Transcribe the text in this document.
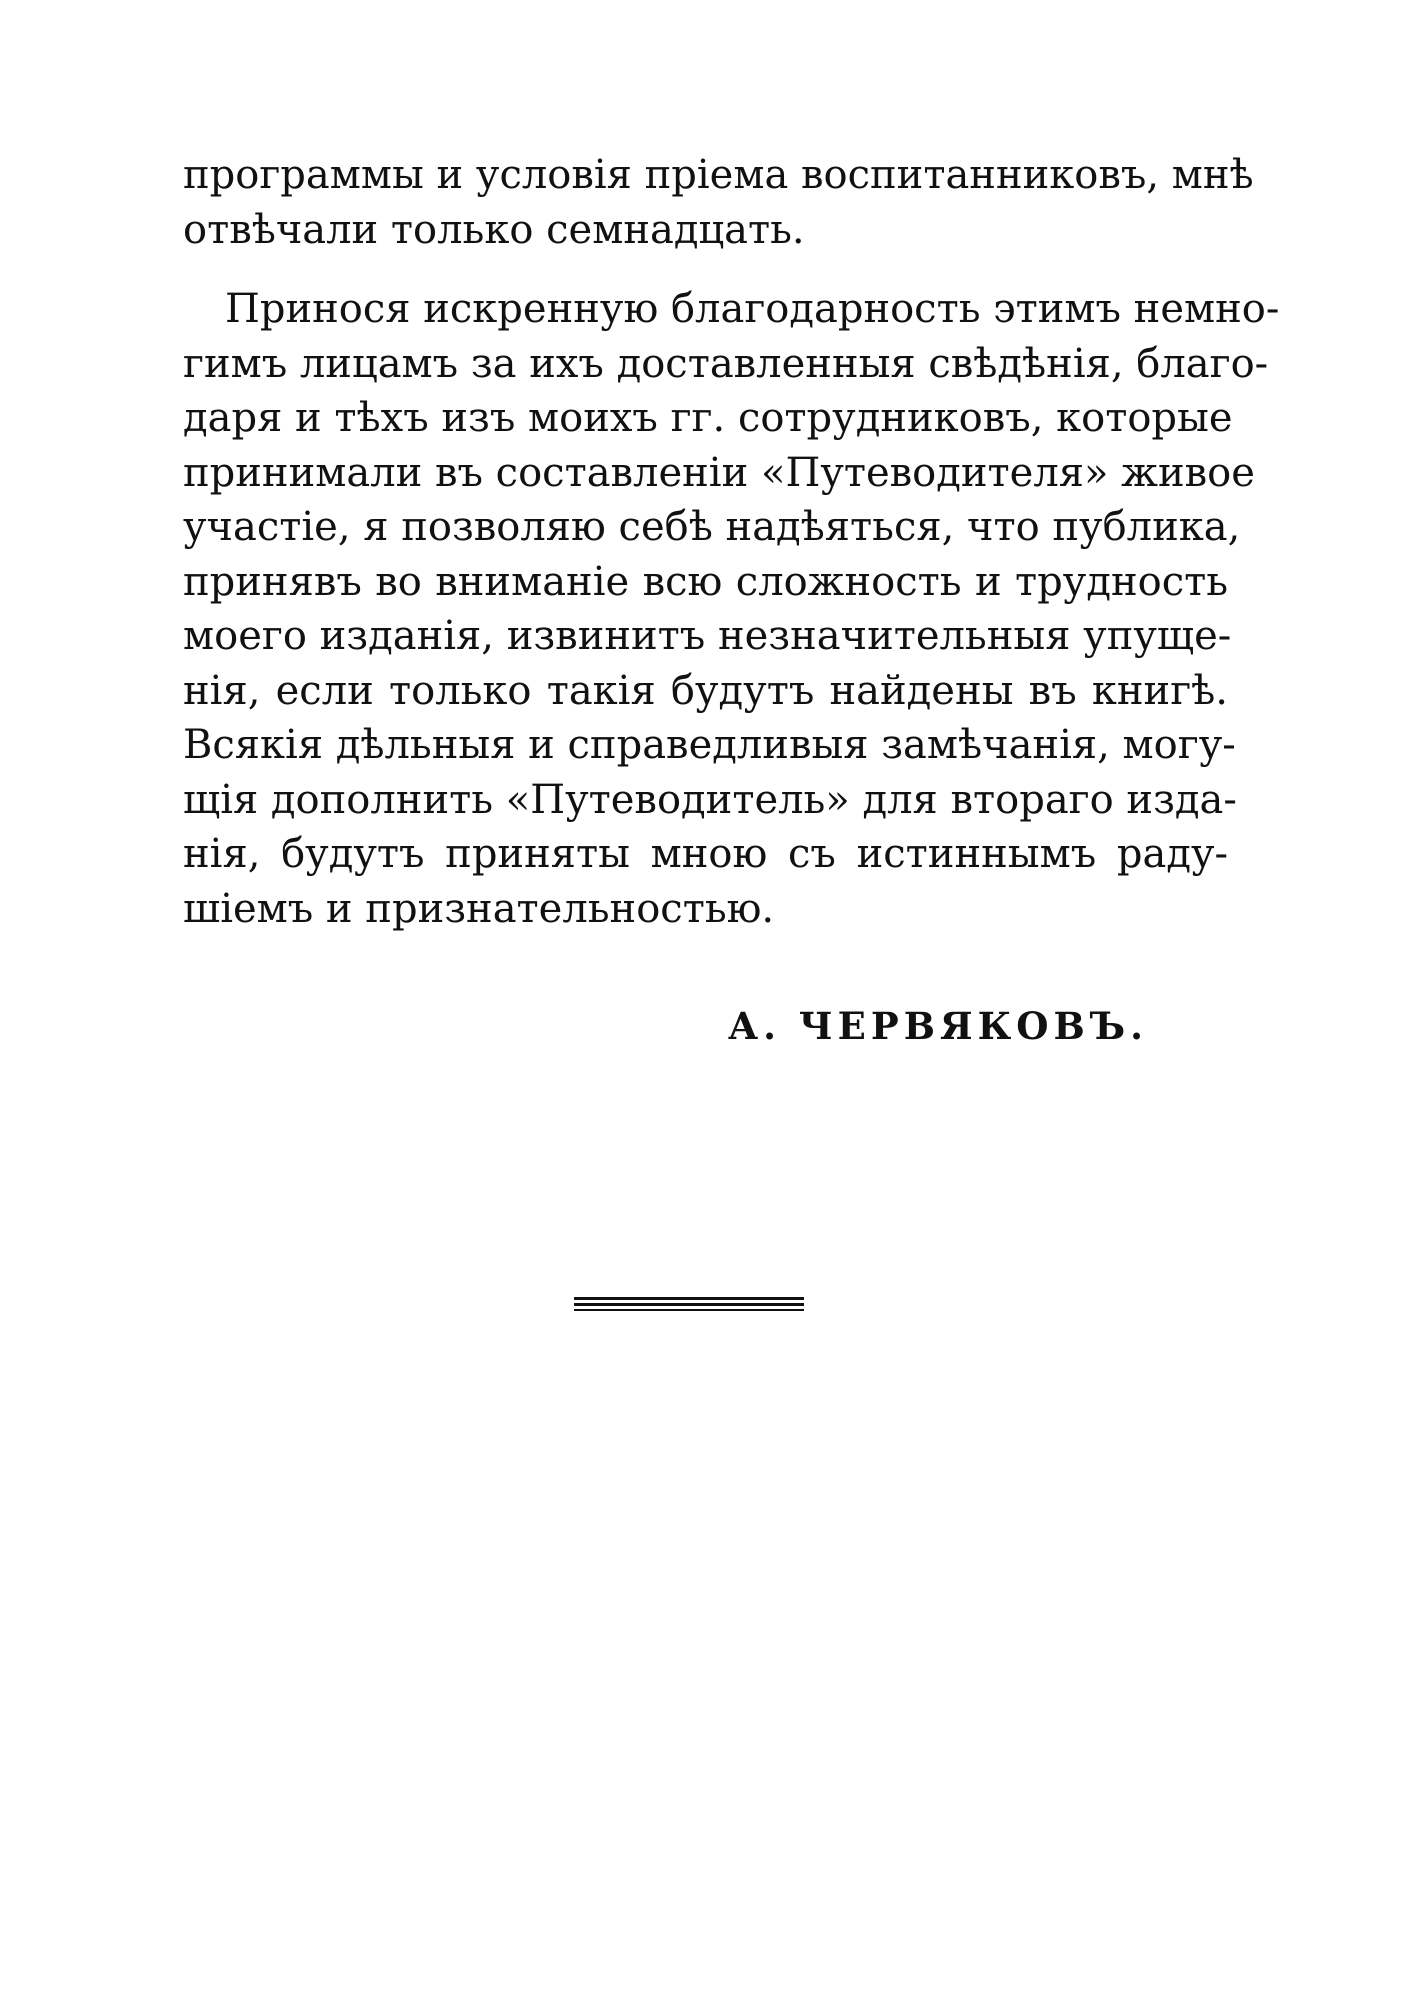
программы и условія пріема воспитанниковъ, мнѣ
отвѣчали только семнадцать.
Принося искренную благодарность этимъ немно-
гимъ лицамъ за ихъ доставленныя свѣдѣнія, благо-
даря и тѣхъ изъ моихъ гг. сотрудниковъ, которые
принимали въ составленіи «Путеводителя» живое
участіе, я позволяю себѣ надѣяться, что публика,
принявъ во вниманіе всю сложность и трудность
моего изданія, извинитъ незначительныя упуще-
нія, если только такія будутъ найдены въ книгѣ.
Всякія дѣльныя и справедливыя замѣчанія, могу-
щія дополнить «Путеводитель» для втораго изда-
нія, будутъ приняты мною съ истиннымъ раду-
шіемъ и признательностью.
А. ЧЕРВЯКОВЪ.
